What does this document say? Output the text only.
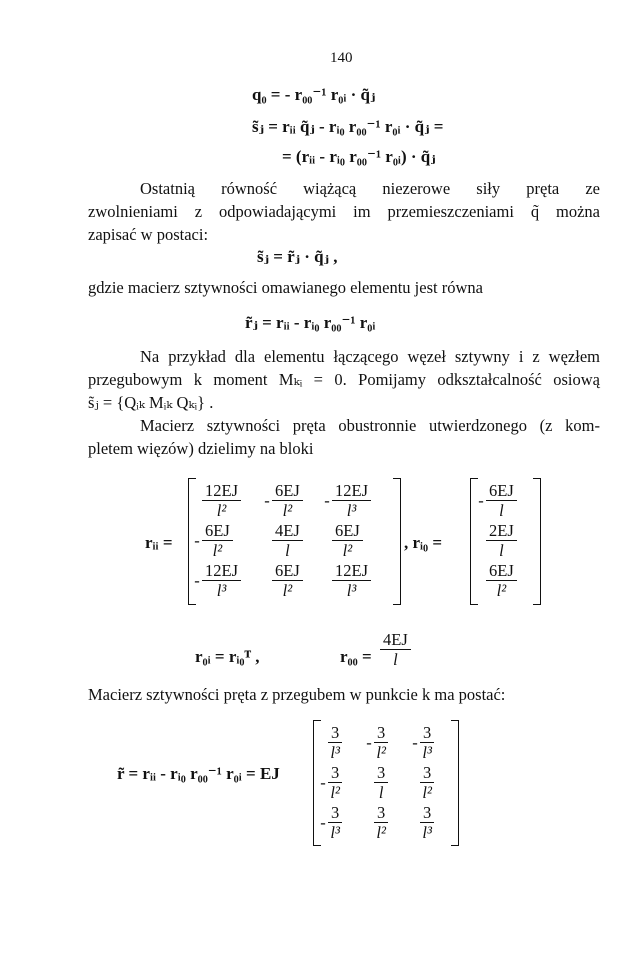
140
q₀ = - r₀₀⁻¹ r₀ᵢ · q̃ⱼ
s̃ⱼ = rᵢᵢ q̃ⱼ - rᵢ₀ r₀₀⁻¹ r₀ᵢ · q̃ⱼ =
= (rᵢᵢ - rᵢ₀ r₀₀⁻¹ r₀ᵢ) · q̃ⱼ
Ostatnią równość wiążącą niezerowe siły pręta ze
zwolnieniami z odpowiadającymi im przemieszczeniami q̃ można
zapisać w postaci:
s̃ⱼ = r̃ⱼ · q̃ⱼ ,
gdzie macierz sztywności omawianego elementu jest równa
r̃ⱼ = rᵢᵢ - rᵢ₀ r₀₀⁻¹ r₀ᵢ
Na przykład dla elementu łączącego węzeł sztywny i z węzłem
przegubowym k moment Mₖᵢ = 0. Pomijamy odkształcalność osiową
s̃ⱼ = {Qᵢₖ Mᵢₖ Qₖᵢ} .
Macierz sztywności pręta obustronnie utwierdzonego (z kom-
pletem więzów) dzielimy na bloki
rᵢᵢ =
$\frac{12EJ}{\text{l²}} - \frac{6EJ}{\text{l²}} - \frac{12EJ}{\text{l³}}$
- $\frac{6EJ}{\text{l²}} \frac{4EJ}{l} \frac{6EJ}{\text{l²}}$
- $\frac{12EJ}{\text{l³}} \frac{6EJ}{\text{l²}} \frac{12EJ}{\text{l³}}$
, rᵢ₀ =
- $\frac{6EJ}{l}$
$\frac{2EJ}{l}$
$\frac{6EJ}{\text{l²}}$
r₀ᵢ = rᵢ₀ᵀ ,	$r_{00} = \frac{4EJ}{l}$
Macierz sztywności pręta z przegubem w punkcie k ma postać:
r̃ = rᵢᵢ - rᵢ₀ r₀₀⁻¹ r₀ᵢ = EJ
$\frac{3}{\text{l³}} - \frac{3}{\text{l²}} - \frac{3}{\text{l³}}$
- $\frac{3}{\text{l²}} \frac{3}{l} \frac{3}{\text{l²}}$
- $\frac{3}{\text{l³}} \frac{3}{\text{l²}} \frac{3}{\text{l³}}$
